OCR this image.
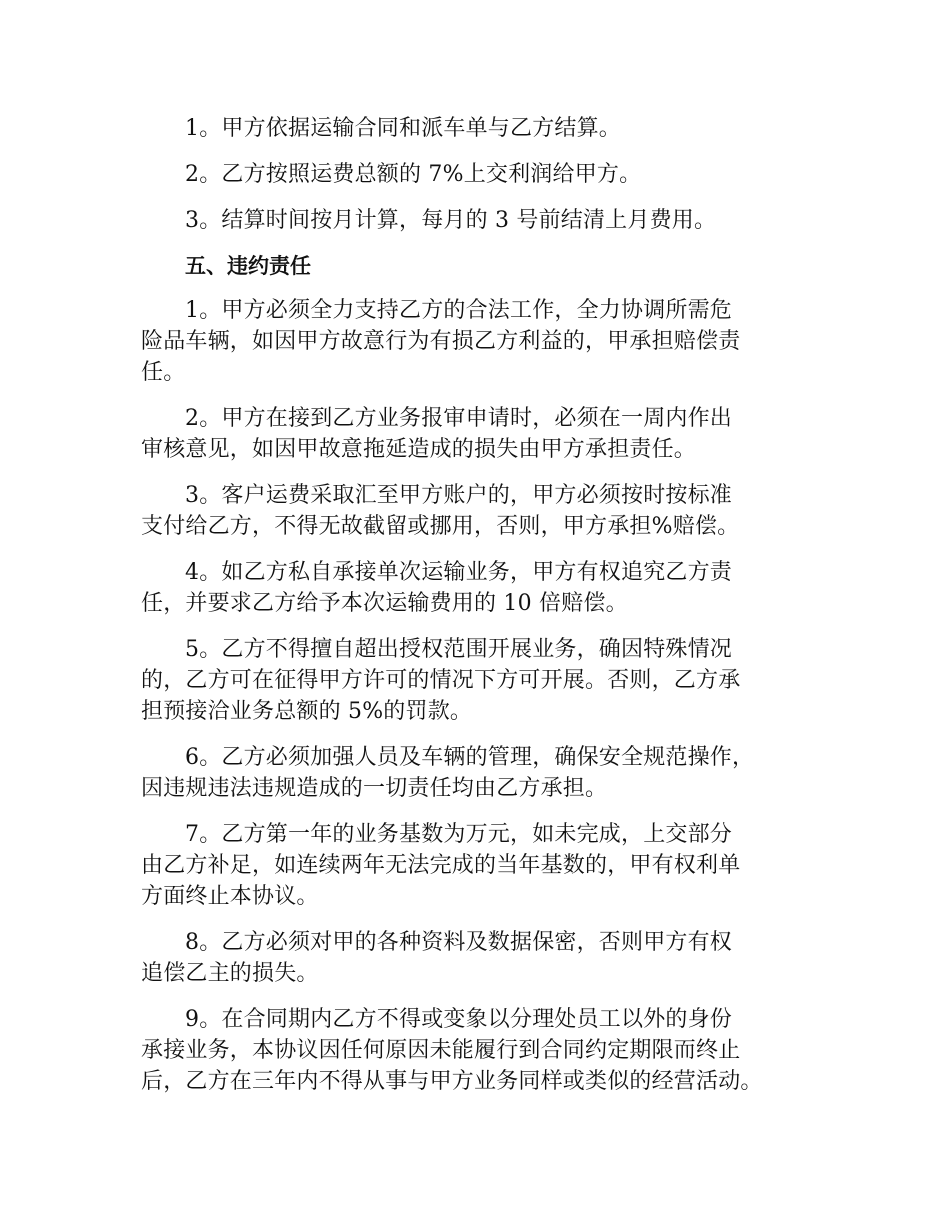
1。甲方依据运输合同和派车单与乙方结算。

2。乙方按照运费总额的 7%上交利润给甲方。

3。结算时间按月计算，每月的 3 号前结清上月费用。

五、违约责任

1。甲方必须全力支持乙方的合法工作，全力协调所需危
险品车辆，如因甲方故意行为有损乙方利益的，甲承担赔偿责
任。

2。甲方在接到乙方业务报审申请时，必须在一周内作出
审核意见，如因甲故意拖延造成的损失由甲方承担责任。

3。客户运费采取汇至甲方账户的，甲方必须按时按标准
支付给乙方，不得无故截留或挪用，否则，甲方承担%赔偿。

4。如乙方私自承接单次运输业务，甲方有权追究乙方责
任，并要求乙方给予本次运输费用的 10 倍赔偿。

5。乙方不得擅自超出授权范围开展业务，确因特殊情况
的，乙方可在征得甲方许可的情况下方可开展。否则，乙方承
担预接洽业务总额的 5%的罚款。

6。乙方必须加强人员及车辆的管理，确保安全规范操作，
因违规违法违规造成的一切责任均由乙方承担。

7。乙方第一年的业务基数为万元，如未完成，上交部分
由乙方补足，如连续两年无法完成的当年基数的，甲有权利单
方面终止本协议。

8。乙方必须对甲的各种资料及数据保密，否则甲方有权
追偿乙主的损失。

9。在合同期内乙方不得或变象以分理处员工以外的身份
承接业务，本协议因任何原因未能履行到合同约定期限而终止
后，乙方在三年内不得从事与甲方业务同样或类似的经营活动。
